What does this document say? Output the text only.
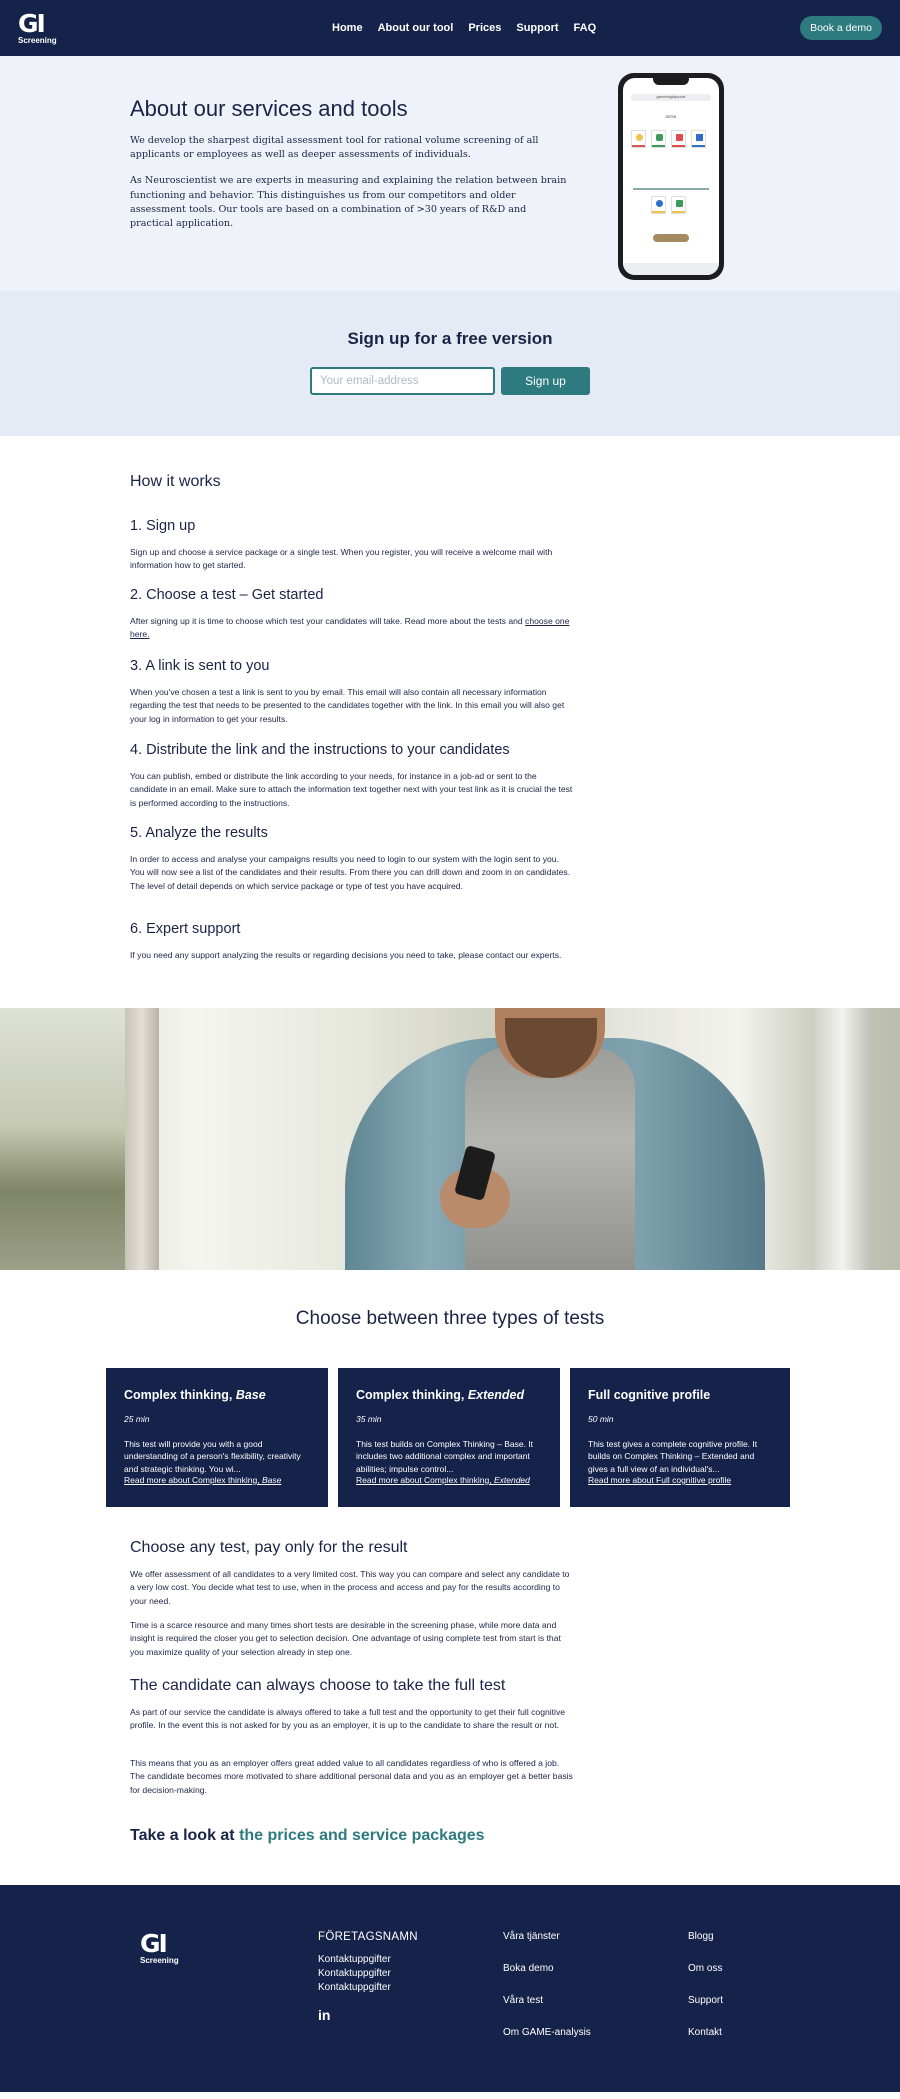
GI
Screening
Home About our tool Prices Support FAQ	Book a demo
About our services and tools

We develop the sharpest digital assessment tool for rational volume screening of all applicants or employees as well as deeper assessments of individuals.

As Neuroscientist we are experts in measuring and explaining the relation between brain functioning and behavior. This distinguishes us from our competitors and older assessment tools. Our tools are based on a combination of >30 years of R&D and practical application.

gameinsightpuzzle
DESK
Sign up for a free version
Your email-address
Sign up
How it works
1. Sign up

Sign up and choose a service package or a single test. When you register, you will receive a welcome mail with information how to get started.

2. Choose a test – Get started

After signing up it is time to choose which test your candidates will take. Read more about the tests and choose one here.

3. A link is sent to you

When you've chosen a test a link is sent to you by email. This email will also contain all necessary information regarding the test that needs to be presented to the candidates together with the link. In this email you will also get your log in information to get your results.

4. Distribute the link and the instructions to your candidates

You can publish, embed or distribute the link according to your needs, for instance in a job-ad or sent to the candidate in an email. Make sure to attach the information text together next with your test link as it is crucial the test is performed according to the instructions.

5. Analyze the results

In order to access and analyse your campaigns results you need to login to our system with the login sent to you. You will now see a list of the candidates and their results. From there you can drill down and zoom in on candidates. The level of detail depends on which service package or type of test you have acquired.

6. Expert support

If you need any support analyzing the results or regarding decisions you need to take, please contact our experts.

Choose between three types of tests
Complex thinking, Base
25 min
This test will provide you with a good understanding of a person's flexibility, creativity and strategic thinking. You wi...
Read more about Complex thinking, Base
Complex thinking, Extended
35 min
This test builds on Complex Thinking – Base. It includes two additional complex and important abilities; impulse control...
Read more about Complex thinking, Extended
Full cognitive profile
50 min
This test gives a complete cognitive profile. It builds on Complex Thinking – Extended and gives a full view of an individual's...
Read more about Full cognitive profile
Choose any test, pay only for the result

We offer assessment of all candidates to a very limited cost. This way you can compare and select any candidate to a very low cost. You decide what test to use, when in the process and access and pay for the results according to your need.

Time is a scarce resource and many times short tests are desirable in the screening phase, while more data and insight is required the closer you get to selection decision. One advantage of using complete test from start is that you maximize quality of your selection already in step one.

The candidate can always choose to take the full test

As part of our service the candidate is always offered to take a full test and the opportunity to get their full cognitive profile. In the event this is not asked for by you as an employer, it is up to the candidate to share the result or not.

This means that you as an employer offers great added value to all candidates regardless of who is offered a job. The candidate becomes more motivated to share additional personal data and you as an employer get a better basis for decision-making.

Take a look at the prices and service packages
GI
Screening
FÖRETAGSNAMN
Kontaktuppgifter
Kontaktuppgifter
Kontaktuppgifter
in
Våra tjänster
Boka demo
Våra test
Om GAME-analysis
Blogg
Om oss
Support
Kontakt
